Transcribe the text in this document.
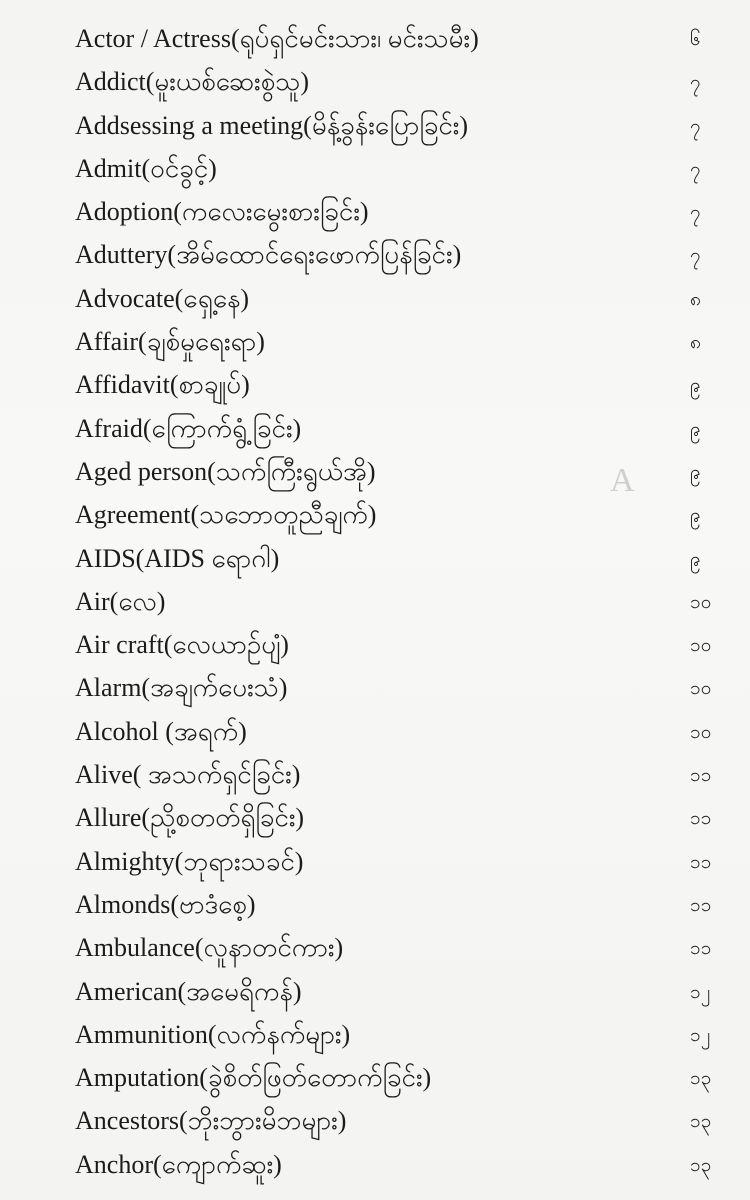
A
Actor / Actress(ရုပ်ရှင်မင်းသား၊ မင်းသမီး)	၆
Addict(မူးယစ်ဆေးစွဲသူ)	၇
Addsessing a meeting(မိန့်ခွန်းပြောခြင်း)	၇
Admit(ဝင်ခွင့်)	၇
Adoption(ကလေးမွေးစားခြင်း)	၇
Aduttery(အိမ်ထောင်ရေးဖောက်ပြန်ခြင်း)	၇
Advocate(ရှေ့နေ)	၈
Affair(ချစ်မှုရေးရာ)	၈
Affidavit(စာချုပ်)	၉
Afraid(ကြောက်ရွံ့ခြင်း)	၉
Aged person(သက်ကြီးရွယ်အို)	၉
Agreement(သဘောတူညီချက်)	၉
AIDS(AIDS ရောဂါ)	၉
Air(လေ)	၁၀
Air craft(လေယာဉ်ပျံ)	၁၀
Alarm(အချက်ပေးသံ)	၁၀
Alcohol (အရက်)	၁၀
Alive( အသက်ရှင်ခြင်း)	၁၁
Allure(ညို့စတတ်ရှိခြင်း)	၁၁
Almighty(ဘုရားသခင်)	၁၁
Almonds(ဗာဒံစေ့)	၁၁
Ambulance(လူနာတင်ကား)	၁၁
American(အမေရိကန်)	၁၂
Ammunition(လက်နက်များ)	၁၂
Amputation(ခွဲစိတ်ဖြတ်တောက်ခြင်း)	၁၃
Ancestors(ဘိုးဘွားမိဘများ)	၁၃
Anchor(ကျောက်ဆူး)	၁၃
